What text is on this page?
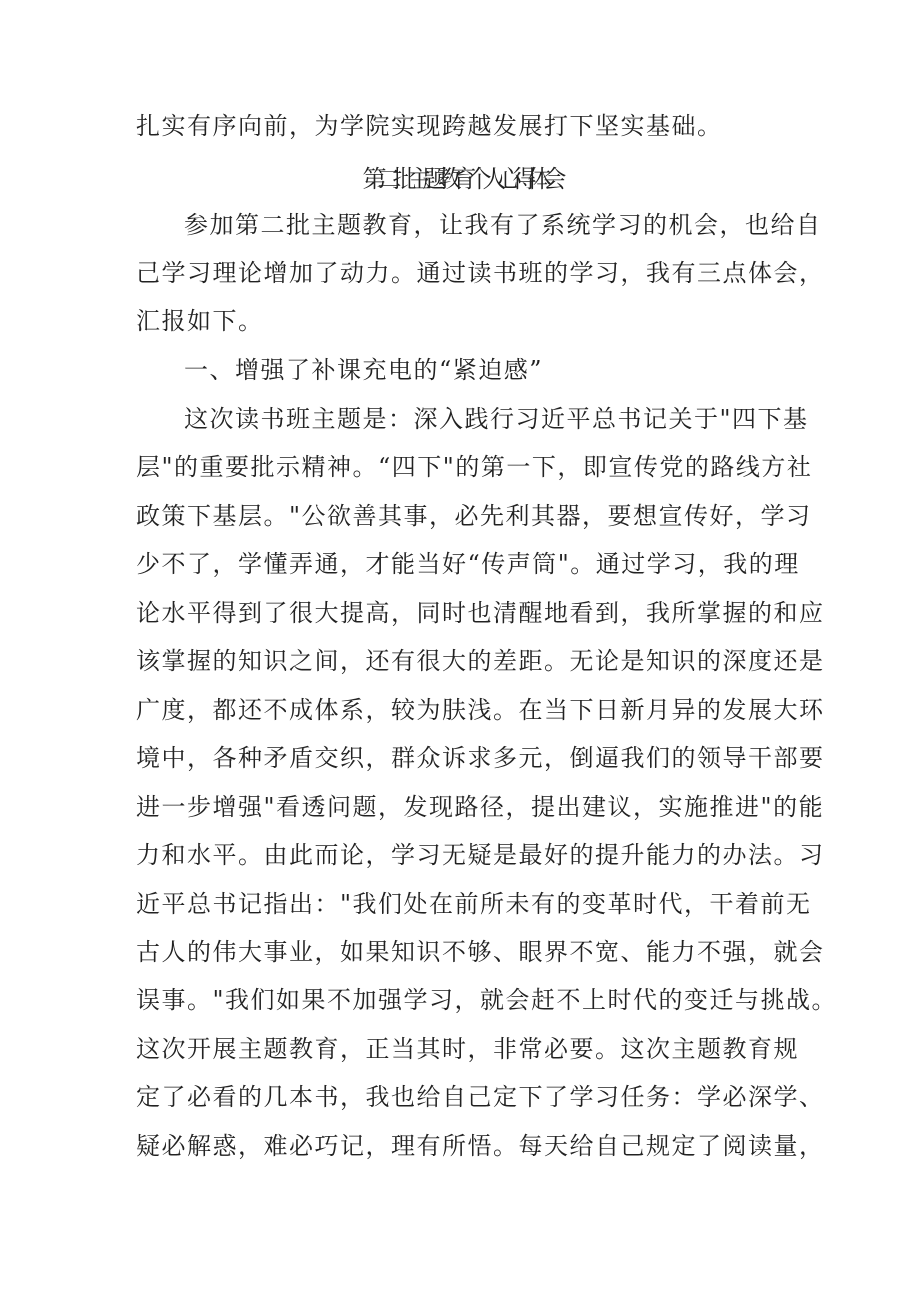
扎实有序向前，为学院实现跨越发展打下坚实基础。
第二批主题教育个人心得体会
参加第二批主题教育，让我有了系统学习的机会，也给自
己学习理论增加了动力。通过读书班的学习，我有三点体会，
汇报如下。
一、增强了补课充电的“紧迫感”
这次读书班主题是：深入践行习近平总书记关于"四下基
层"的重要批示精神。“四下"的第一下，即宣传党的路线方社
政策下基层。"公欲善其事，必先利其器，要想宣传好，学习
少不了，学懂弄通，才能当好“传声筒"。通过学习，我的理
论水平得到了很大提高，同时也清醒地看到，我所掌握的和应
该掌握的知识之间，还有很大的差距。无论是知识的深度还是
广度，都还不成体系，较为肤浅。在当下日新月异的发展大环
境中，各种矛盾交织，群众诉求多元，倒逼我们的领导干部要
进一步增强"看透问题，发现路径，提出建议，实施推进"的能
力和水平。由此而论，学习无疑是最好的提升能力的办法。习
近平总书记指出："我们处在前所未有的变革时代，干着前无
古人的伟大事业，如果知识不够、眼界不宽、能力不强，就会
误事。"我们如果不加强学习，就会赶不上时代的变迁与挑战。
这次开展主题教育，正当其时，非常必要。这次主题教育规
定了必看的几本书，我也给自己定下了学习任务：学必深学、
疑必解惑，难必巧记，理有所悟。每天给自己规定了阅读量，
